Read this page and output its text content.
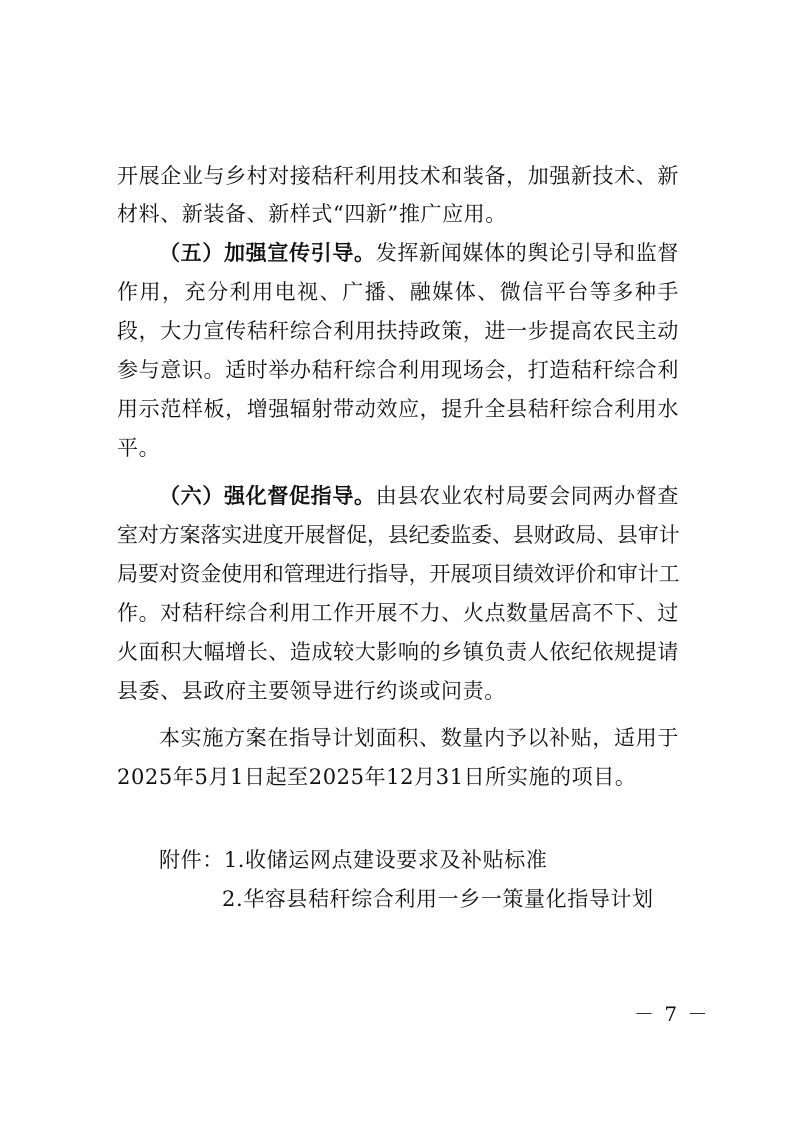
开展企业与乡村对接秸秆利用技术和装备，加强新技术、新
材料、新装备、新样式“四新”推广应用。
（五）加强宣传引导。发挥新闻媒体的舆论引导和监督
作用，充分利用电视、广播、融媒体、微信平台等多种手
段，大力宣传秸秆综合利用扶持政策，进一步提高农民主动
参与意识。适时举办秸秆综合利用现场会，打造秸秆综合利
用示范样板，增强辐射带动效应，提升全县秸秆综合利用水
平。
（六）强化督促指导。由县农业农村局要会同两办督查
室对方案落实进度开展督促，县纪委监委、县财政局、县审计
局要对资金使用和管理进行指导，开展项目绩效评价和审计工
作。对秸秆综合利用工作开展不力、火点数量居高不下、过
火面积大幅增长、造成较大影响的乡镇负责人依纪依规提请
县委、县政府主要领导进行约谈或问责。
本实施方案在指导计划面积、数量内予以补贴，适用于
2025年5月1日起至2025年12月31日所实施的项目。
附件：1.收储运网点建设要求及补贴标准
2.华容县秸秆综合利用一乡一策量化指导计划
－ 7 －
